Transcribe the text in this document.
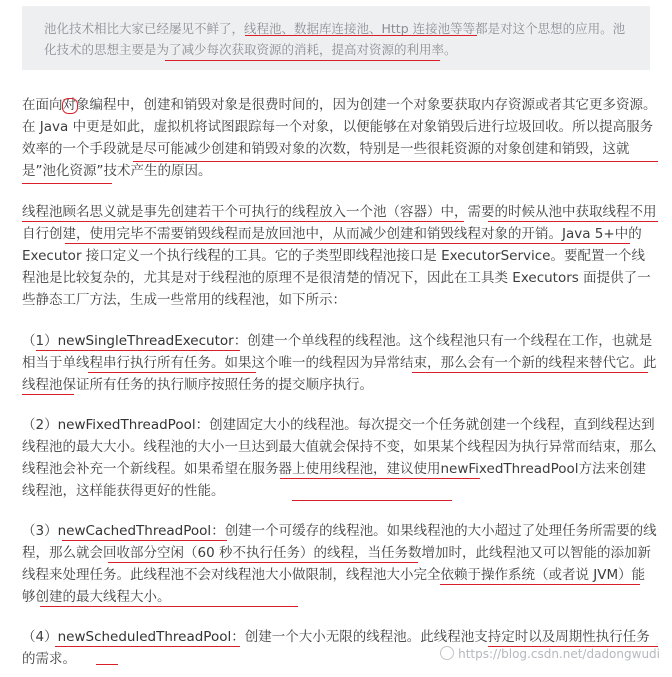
池化技术相比大家已经屡见不鲜了，线程池、数据库连接池、Http 连接池等等都是对这个思想的应用。池化技术的思想主要是为了减少每次获取资源的消耗，提高对资源的利用率。

在面向对象编程中，创建和销毁对象是很费时间的，因为创建一个对象要获取内存资源或者其它更多资源。在 Java 中更是如此，虚拟机将试图跟踪每一个对象，以便能够在对象销毁后进行垃圾回收。所以提高服务效率的一个手段就是尽可能减少创建和销毁对象的次数，特别是一些很耗资源的对象创建和销毁，这就是”池化资源”技术产生的原因。

线程池顾名思义就是事先创建若干个可执行的线程放入一个池（容器）中，需要的时候从池中获取线程不用自行创建，使用完毕不需要销毁线程而是放回池中，从而减少创建和销毁线程对象的开销。Java 5+中的 Executor 接口定义一个执行线程的工具。它的子类型即线程池接口是 ExecutorService。要配置一个线程池是比较复杂的，尤其是对于线程池的原理不是很清楚的情况下，因此在工具类 Executors 面提供了一些静态工厂方法，生成一些常用的线程池，如下所示：

（1）newSingleThreadExecutor：创建一个单线程的线程池。这个线程池只有一个线程在工作，也就是相当于单线程串行执行所有任务。如果这个唯一的线程因为异常结束，那么会有一个新的线程来替代它。此线程池保证所有任务的执行顺序按照任务的提交顺序执行。
（2）newFixedThreadPool：创建固定大小的线程池。每次提交一个任务就创建一个线程，直到线程达到线程池的最大大小。线程池的大小一旦达到最大值就会保持不变，如果某个线程因为执行异常而结束，那么线程池会补充一个新线程。如果希望在服务器上使用线程池，建议使用newFixedThreadPool方法来创建线程池，这样能获得更好的性能。
（3）newCachedThreadPool：创建一个可缓存的线程池。如果线程池的大小超过了处理任务所需要的线程，那么就会回收部分空闲（60 秒不执行任务）的线程，当任务数增加时，此线程池又可以智能的添加新线程来处理任务。此线程池不会对线程池大小做限制，线程池大小完全依赖于操作系统（或者说 JVM）能够创建的最大线程大小。
（4）newScheduledThreadPool：创建一个大小无限的线程池。此线程池支持定时以及周期性执行任务的需求。	https://blog.csdn.net/dadongwudi
